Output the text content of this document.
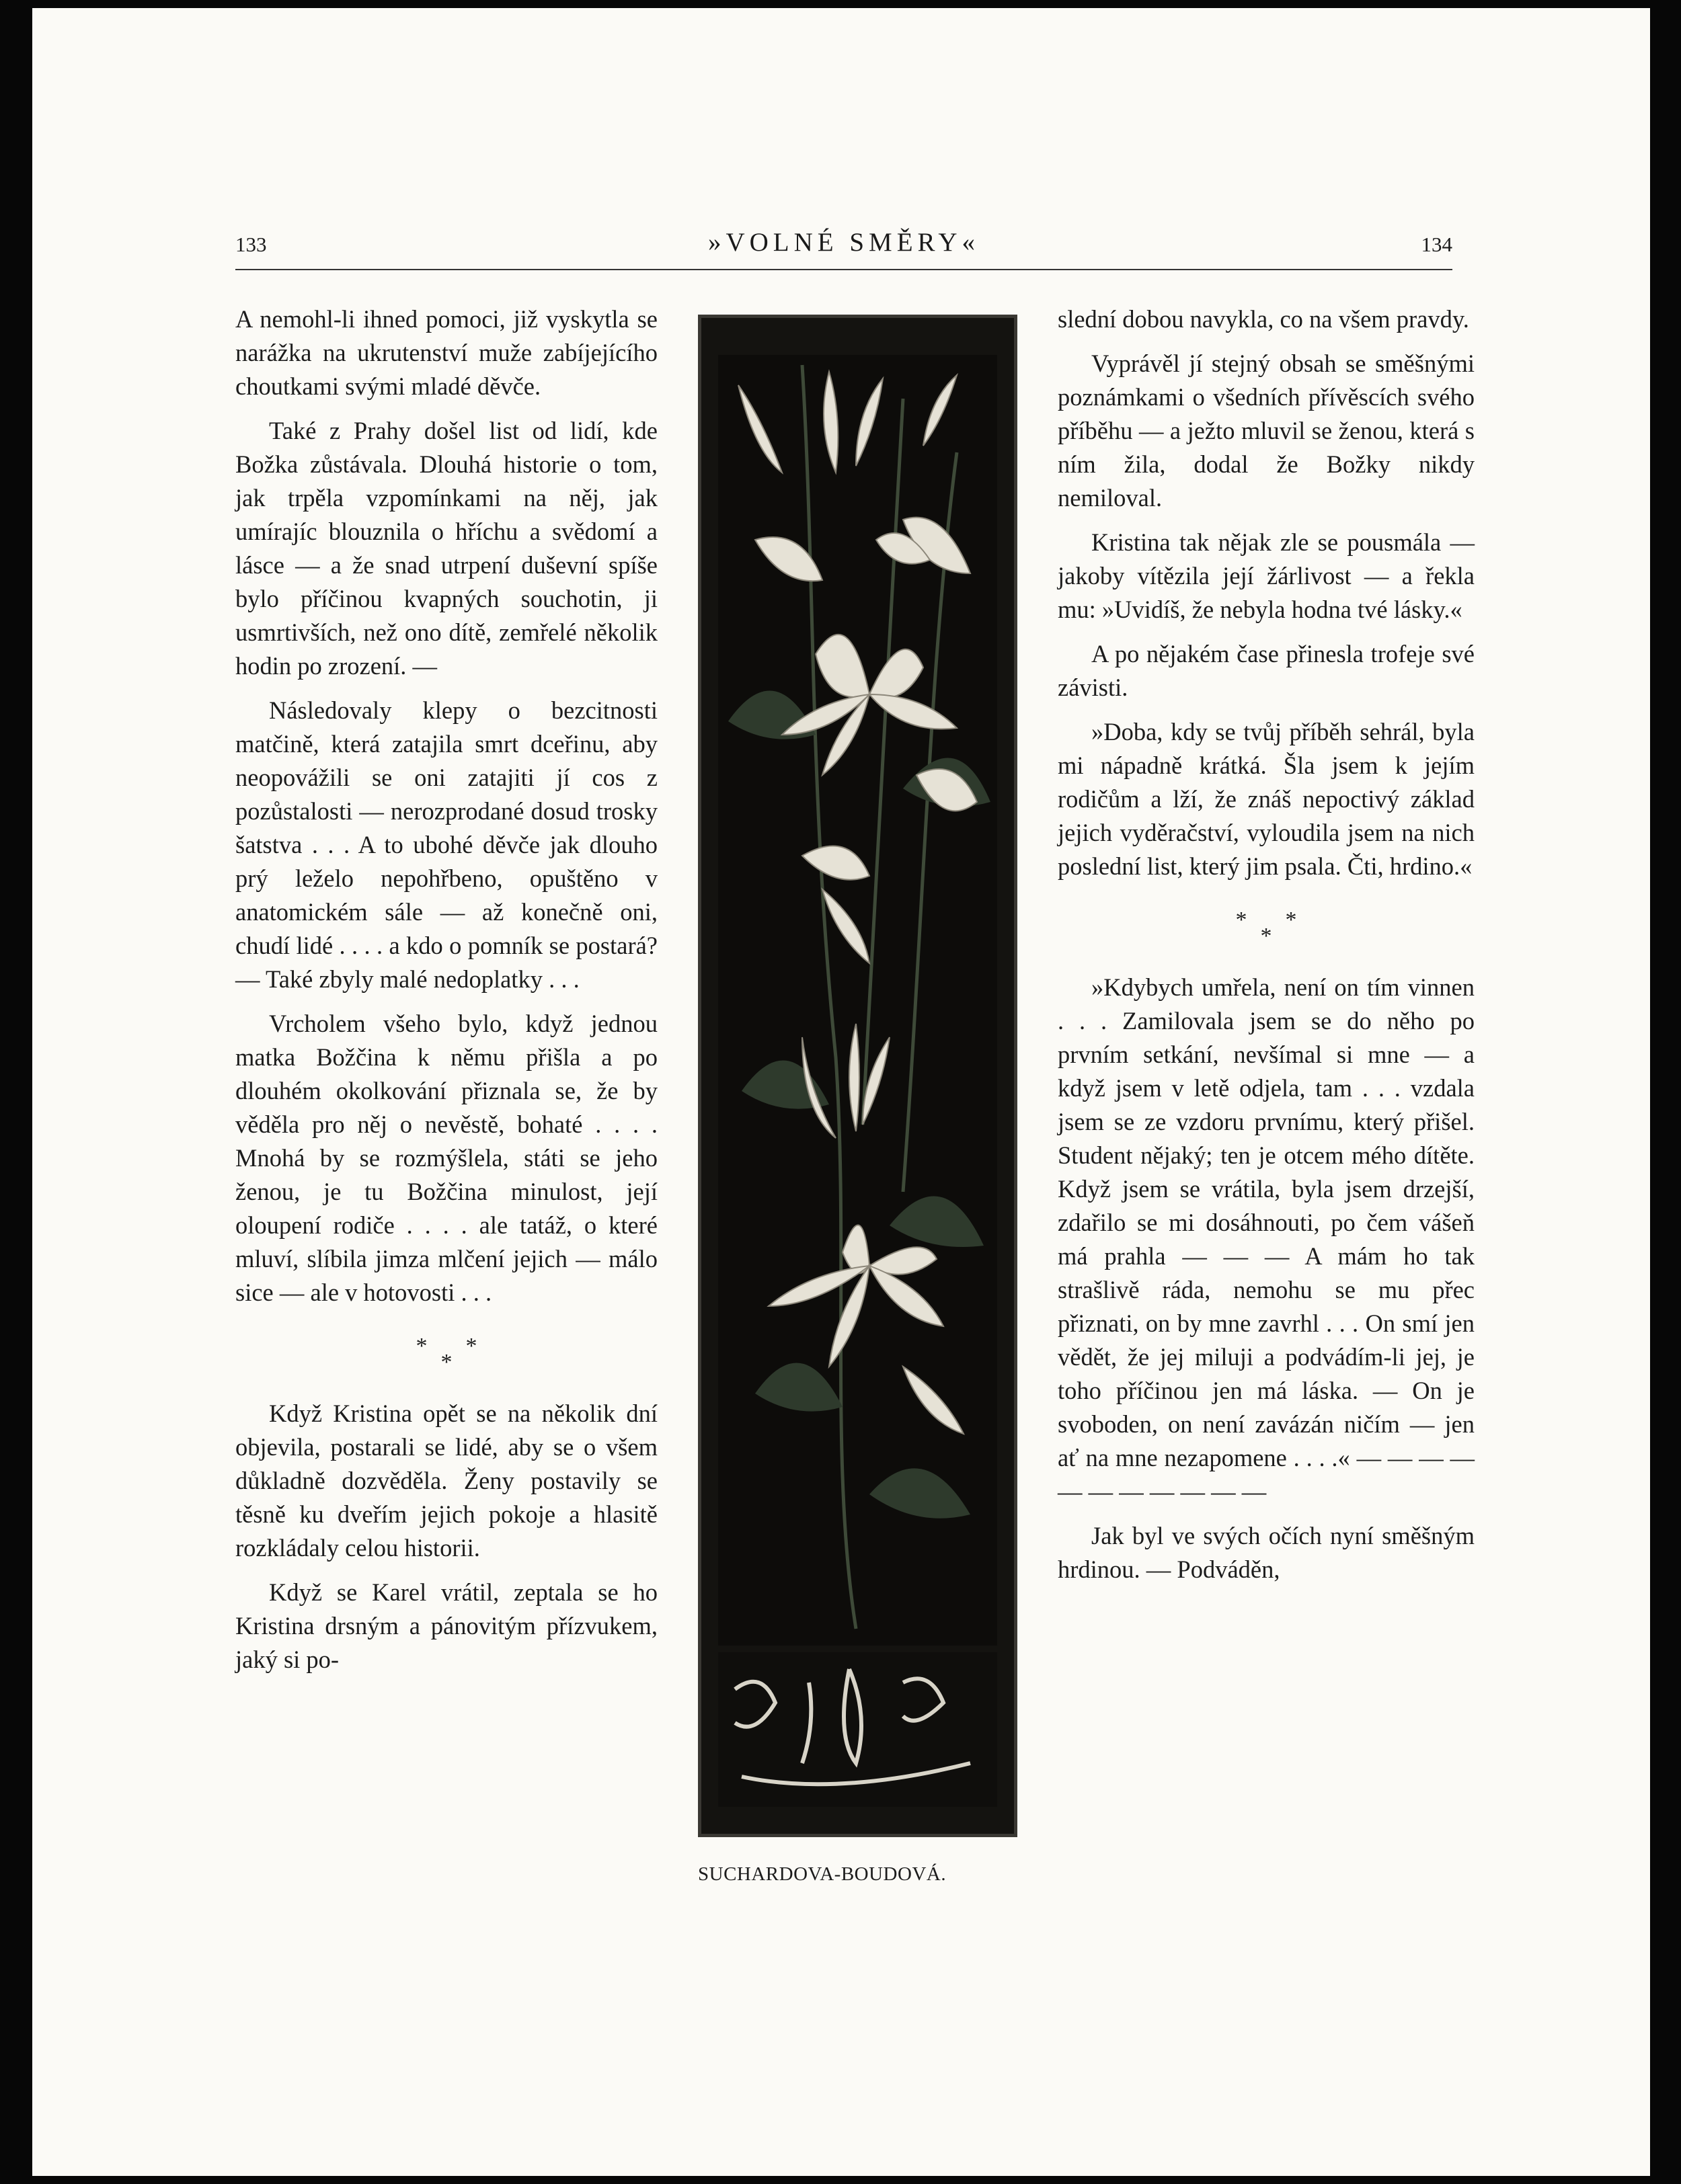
133	»VOLNÉ SMĚRY«	134

A nemohl-li ihned pomoci, již vyskytla se narážka na ukrutenství muže zabíjejícího choutkami svými mladé děvče.

Také z Prahy došel list od lidí, kde Božka zůstávala. Dlouhá historie o tom, jak trpěla vzpomínkami na něj, jak umírajíc blouznila o hříchu a svědomí a lásce — a že snad utrpení duševní spíše bylo příčinou kvapných souchotin, ji usmrtivších, než ono dítě, zemřelé několik hodin po zrození. —

Následovaly klepy o bezcitnosti matčině, která zatajila smrt dceřinu, aby neopovážili se oni zatajiti jí cos z pozůstalosti — nerozprodané dosud trosky šatstva . . . A to ubohé děvče jak dlouho prý leželo nepohřbeno, opuštěno v anatomickém sále — až konečně oni, chudí lidé . . . . a kdo o pomník se postará? — Také zbyly malé nedoplatky . . .

Vrcholem všeho bylo, když jednou matka Božčina k němu přišla a po dlouhém okolkování přiznala se, že by věděla pro něj o nevěstě, bohaté . . . . Mnohá by se rozmýšlela, státi se jeho ženou, je tu Božčina minulost, její oloupení rodiče . . . . ale tatáž, o které mluví, slíbila jimza mlčení jejich — málo sice — ale v hotovosti . . .

***

Když Kristina opět se na několik dní objevila, postarali se lidé, aby se o všem důkladně dozvěděla. Ženy postavily se těsně ku dveřím jejich pokoje a hlasitě rozkládaly celou historii.

Když se Karel vrátil, zeptala se ho Kristina drsným a pánovitým přízvukem, jaký si po-

SUCHARDOVA-BOUDOVÁ.

slední dobou navykla, co na všem pravdy.

Vyprávěl jí stejný obsah se směšnými poznámkami o všedních přívěscích svého příběhu — a ježto mluvil se ženou, která s ním žila, dodal že Božky nikdy nemiloval.

Kristina tak nějak zle se pousmála — jakoby vítězila její žárlivost — a řekla mu: »Uvidíš, že nebyla hodna tvé lásky.«

A po nějakém čase přinesla trofeje své závisti.

»Doba, kdy se tvůj příběh sehrál, byla mi nápadně krátká. Šla jsem k jejím rodičům a lží, že znáš nepoctivý základ jejich vyděračství, vyloudila jsem na nich poslední list, který jim psala. Čti, hrdino.«

***

»Kdybych umřela, není on tím vinnen . . . Zamilovala jsem se do něho po prvním setkání, nevšímal si mne — a když jsem v letě odjela, tam . . . vzdala jsem se ze vzdoru prvnímu, který přišel. Student nějaký; ten je otcem mého dítěte. Když jsem se vrátila, byla jsem drzejší, zdařilo se mi dosáhnouti, po čem vášeň má prahla — — — A mám ho tak strašlivě ráda, nemohu se mu přec přiznati, on by mne zavrhl . . . On smí jen vědět, že jej miluji a podvádím-li jej, je toho příčinou jen má láska. — On je svoboden, on není zavázán ničím — jen ať na mne nezapomene . . . .« — — — — — — — — — — —

Jak byl ve svých očích nyní směšným hrdinou. — Podváděn,
